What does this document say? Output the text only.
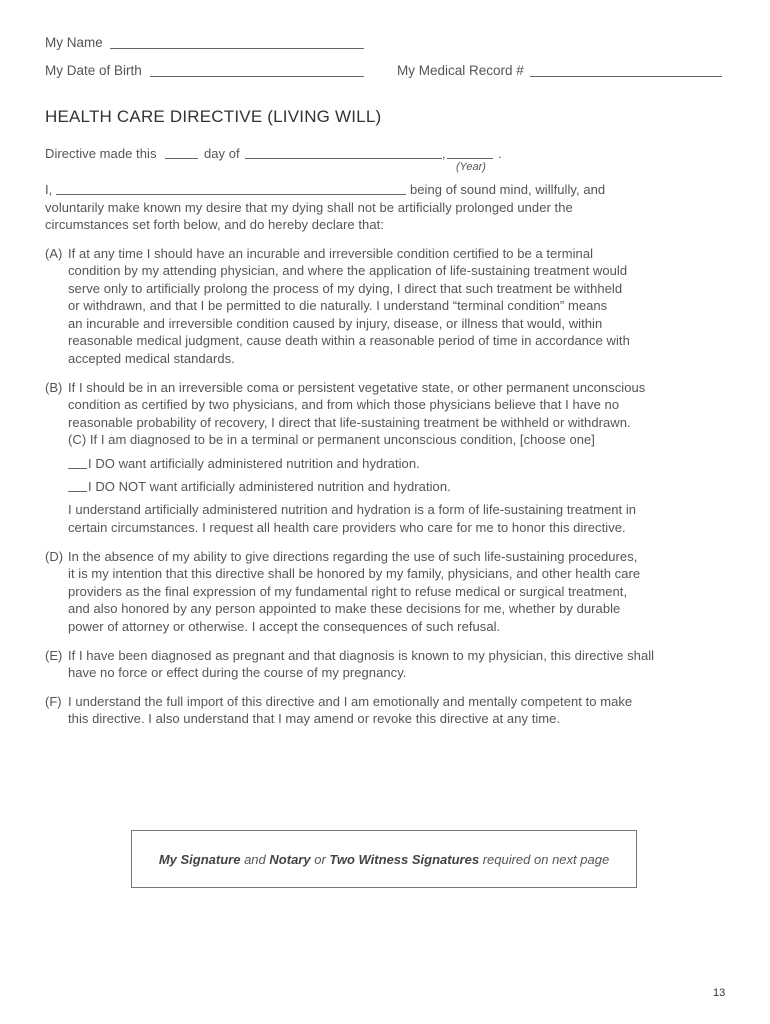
My Name
My Date of Birth	My Medical Record #
HEALTH CARE DIRECTIVE (LIVING WILL)
Directive made this	day of	,	.
(Year)
I,	being of sound mind, willfully, and
voluntarily make known my desire that my dying shall not be artificially prolonged under the
circumstances set forth below, and do hereby declare that:
(A) If at any time I should have an incurable and irreversible condition certified to be a terminal
condition by my attending physician, and where the application of life-sustaining treatment would
serve only to artificially prolong the process of my dying, I direct that such treatment be withheld
or withdrawn, and that I be permitted to die naturally. I understand “terminal condition” means
an incurable and irreversible condition caused by injury, disease, or illness that would, within
reasonable medical judgment, cause death within a reasonable period of time in accordance with
accepted medical standards.
(B) If I should be in an irreversible coma or persistent vegetative state, or other permanent unconscious
condition as certified by two physicians, and from which those physicians believe that I have no
reasonable probability of recovery, I direct that life-sustaining treatment be withheld or withdrawn.
(C) If I am diagnosed to be in a terminal or permanent unconscious condition, [choose one]
I DO want artificially administered nutrition and hydration.
I DO NOT want artificially administered nutrition and hydration.
I understand artificially administered nutrition and hydration is a form of life-sustaining treatment in
certain circumstances. I request all health care providers who care for me to honor this directive.
(D) In the absence of my ability to give directions regarding the use of such life-sustaining procedures,
it is my intention that this directive shall be honored by my family, physicians, and other health care
providers as the final expression of my fundamental right to refuse medical or surgical treatment,
and also honored by any person appointed to make these decisions for me, whether by durable
power of attorney or otherwise. I accept the consequences of such refusal.
(E) If I have been diagnosed as pregnant and that diagnosis is known to my physician, this directive shall
have no force or effect during the course of my pregnancy.
(F) I understand the full import of this directive and I am emotionally and mentally competent to make
this directive. I also understand that I may amend or revoke this directive at any time.
My Signature and Notary or Two Witness Signatures required on next page
13
